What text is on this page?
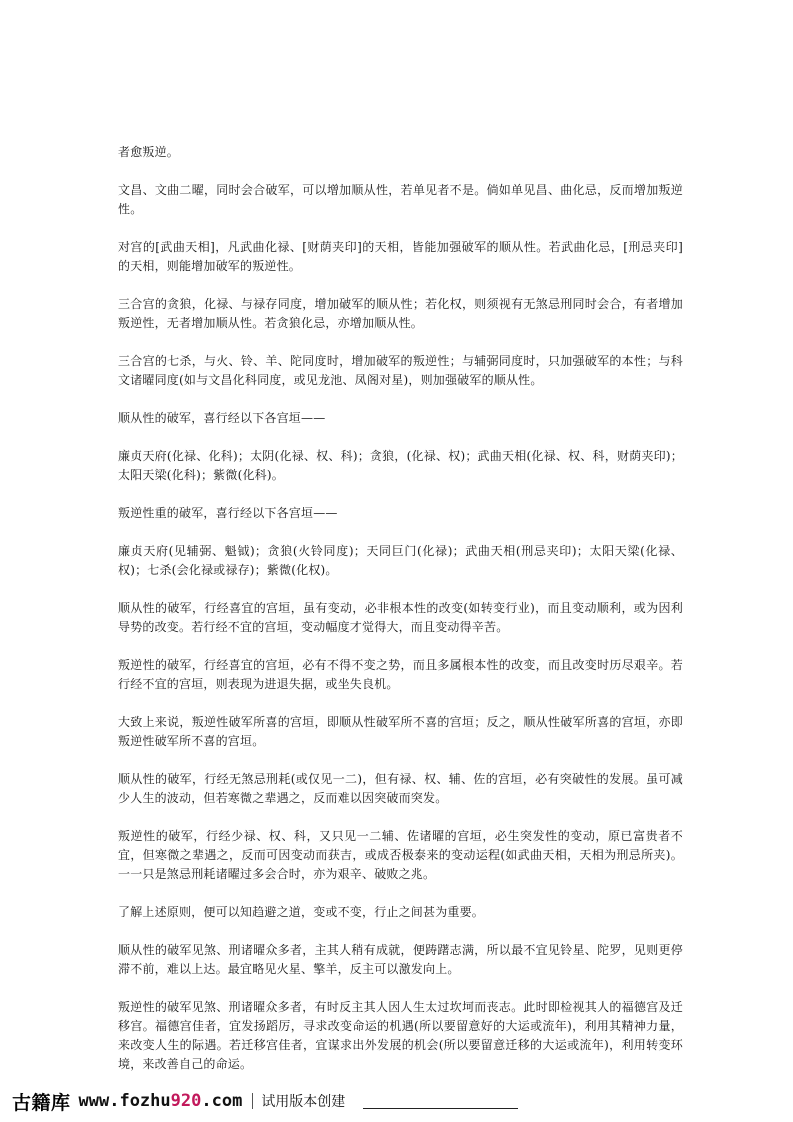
者愈叛逆。

文昌、文曲二曜，同时会合破军，可以增加顺从性，若单见者不是。倘如单见昌、曲化忌，反而增加叛逆性。

对宫的[武曲天相]，凡武曲化禄、[财荫夹印]的天相，皆能加强破军的顺从性。若武曲化忌，[刑忌夹印]的天相，则能增加破军的叛逆性。

三合宫的贪狼，化禄、与禄存同度，增加破军的顺从性；若化权，则须视有无煞忌刑同时会合，有者增加叛逆性，无者增加顺从性。若贪狼化忌，亦增加顺从性。

三合宫的七杀，与火、铃、羊、陀同度时，增加破军的叛逆性；与辅弼同度时，只加强破军的本性；与科文诸曜同度(如与文昌化科同度，或见龙池、凤阁对星)，则加强破军的顺从性。

顺从性的破军，喜行经以下各宫垣——

廉贞天府(化禄、化科)；太阴(化禄、权、科)；贪狼，(化禄、权)；武曲天相(化禄、权、科，财荫夹印)；太阳天梁(化科)；紫微(化科)。

叛逆性重的破军，喜行经以下各宫垣——

廉贞天府(见辅弼、魁钺)；贪狼(火铃同度)；天同巨门(化禄)；武曲天相(刑忌夹印)；太阳天梁(化禄、权)；七杀(会化禄或禄存)；紫微(化权)。

顺从性的破军，行经喜宜的宫垣，虽有变动，必非根本性的改变(如转变行业)，而且变动顺利，或为因利导势的改变。若行经不宜的宫垣，变动幅度才觉得大，而且变动得辛苦。

叛逆性的破军，行经喜宜的宫垣，必有不得不变之势，而且多属根本性的改变，而且改变时历尽艰辛。若行经不宜的宫垣，则表现为进退失据，或坐失良机。

大致上来说，叛逆性破军所喜的宫垣，即顺从性破军所不喜的宫垣；反之，顺从性破军所喜的宫垣，亦即叛逆性破军所不喜的宫垣。

顺从性的破军，行经无煞忌刑耗(或仅见一二)，但有禄、权、辅、佐的宫垣，必有突破性的发展。虽可减少人生的波动，但若寒微之辈遇之，反而难以因突破而突发。

叛逆性的破军，行经少禄、权、科，又只见一二辅、佐诸曜的宫垣，必生突发性的变动，原已富贵者不宜，但寒微之辈遇之，反而可因变动而获吉，或成否极泰来的变动运程(如武曲天相，天相为刑忌所夹)。一一只是煞忌刑耗诸曜过多会合时，亦为艰辛、破败之兆。

了解上述原则，便可以知趋避之道，变或不变，行止之间甚为重要。

顺从性的破军见煞、刑诸曜众多者，主其人稍有成就，便踌躇志满，所以最不宜见铃星、陀罗，见则更停滞不前，难以上达。最宜略见火星、擎羊，反主可以激发向上。

叛逆性的破军见煞、刑诸曜众多者，有时反主其人因人生太过坎坷而丧志。此时即检视其人的福德宫及迁移宫。福德宫佳者，宜发扬蹈厉，寻求改变命运的机遇(所以要留意好的大运或流年)，利用其精神力量，来改变人生的际遇。若迁移宫佳者，宜谋求出外发展的机会(所以要留意迁移的大运或流年)，利用转变环境，来改善自己的命运。

古籍库 www.fozhu920.com 试用版本创建
